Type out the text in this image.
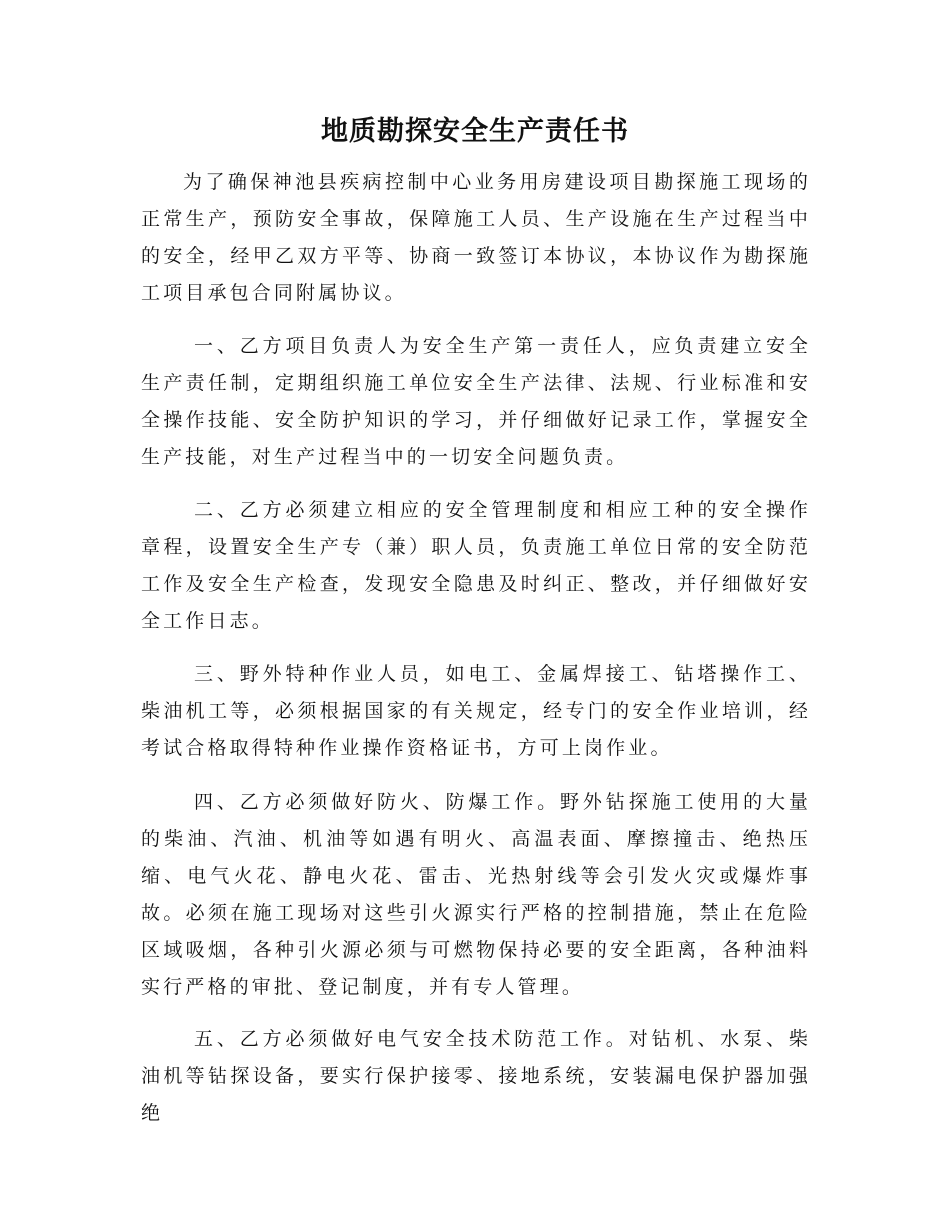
地质勘探安全生产责任书

为了确保神池县疾病控制中心业务用房建设项目勘探施工现场的正常生产，预防安全事故，保障施工人员、生产设施在生产过程当中的安全，经甲乙双方平等、协商一致签订本协议，本协议作为勘探施工项目承包合同附属协议。

一、乙方项目负责人为安全生产第一责任人，应负责建立安全生产责任制，定期组织施工单位安全生产法律、法规、行业标准和安全操作技能、安全防护知识的学习，并仔细做好记录工作，掌握安全生产技能，对生产过程当中的一切安全问题负责。

二、乙方必须建立相应的安全管理制度和相应工种的安全操作章程，设置安全生产专（兼）职人员，负责施工单位日常的安全防范工作及安全生产检查，发现安全隐患及时纠正、整改，并仔细做好安全工作日志。

三、野外特种作业人员，如电工、金属焊接工、钻塔操作工、柴油机工等，必须根据国家的有关规定，经专门的安全作业培训，经考试合格取得特种作业操作资格证书，方可上岗作业。

四、乙方必须做好防火、防爆工作。野外钻探施工使用的大量的柴油、汽油、机油等如遇有明火、高温表面、摩擦撞击、绝热压缩、电气火花、静电火花、雷击、光热射线等会引发火灾或爆炸事故。必须在施工现场对这些引火源实行严格的控制措施，禁止在危险区域吸烟，各种引火源必须与可燃物保持必要的安全距离，各种油料实行严格的审批、登记制度，并有专人管理。

五、乙方必须做好电气安全技术防范工作。对钻机、水泵、柴油机等钻探设备，要实行保护接零、接地系统，安装漏电保护器加强绝
